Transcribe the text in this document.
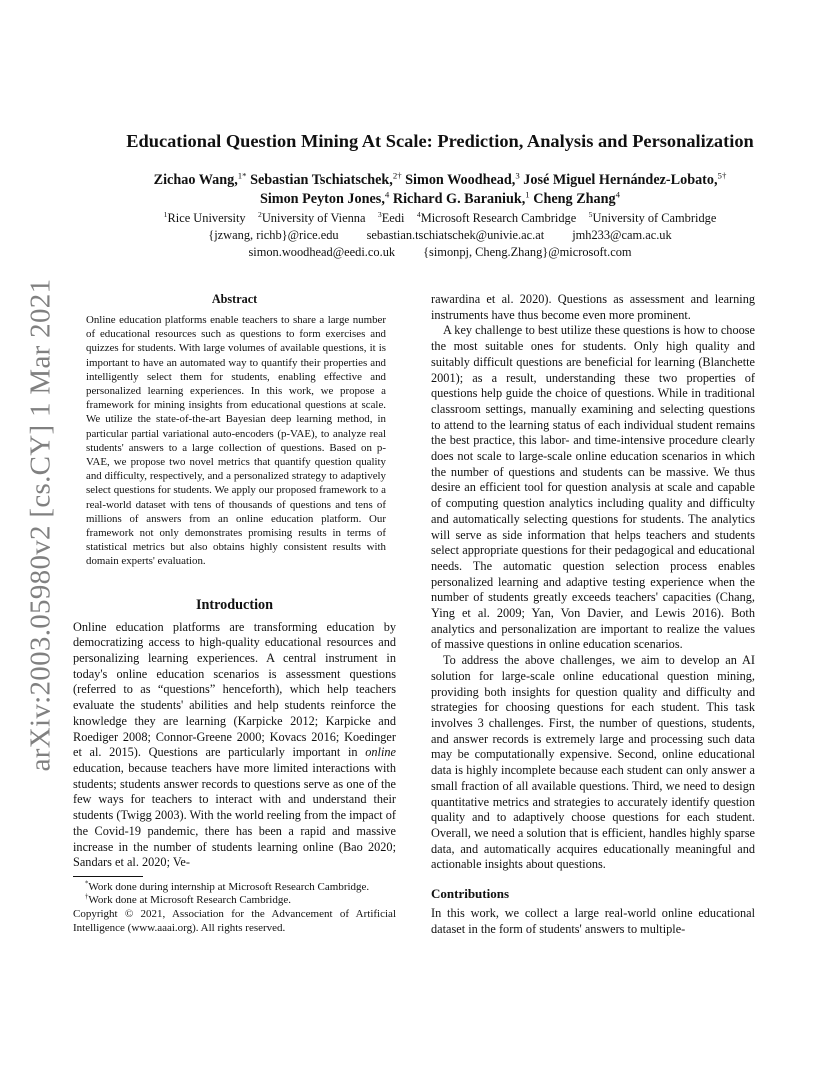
arXiv:2003.05980v2 [cs.CY] 1 Mar 2021
Educational Question Mining At Scale: Prediction, Analysis and Personalization
Zichao Wang,$^{1*}$ Sebastian Tschiatschek,$^{2\dagger}$ Simon Woodhead,$^3$ José Miguel Hernández-Lobato,$^{5\dagger}$
Simon Peyton Jones,$^4$ Richard G. Baraniuk,$^1$ Cheng Zhang$^4$
$^1$Rice University $^2$University of Vienna $^3$Eedi $^4$Microsoft Research Cambridge $^5$University of Cambridge
{jzwang, richb}@rice.edu sebastian.tschiatschek@univie.ac.at jmh233@cam.ac.uk
simon.woodhead@eedi.co.uk {simonpj, Cheng.Zhang}@microsoft.com
Abstract

Online education platforms enable teachers to share a large number of educational resources such as questions to form exercises and quizzes for students. With large volumes of available questions, it is important to have an automated way to quantify their properties and intelligently select them for students, enabling effective and personalized learning experiences. In this work, we propose a framework for mining insights from educational questions at scale. We utilize the state-of-the-art Bayesian deep learning method, in particular partial variational auto-encoders (p-VAE), to analyze real students' answers to a large collection of questions. Based on p-VAE, we propose two novel metrics that quantify question quality and difficulty, respectively, and a personalized strategy to adaptively select questions for students. We apply our proposed framework to a real-world dataset with tens of thousands of questions and tens of millions of answers from an online education platform. Our framework not only demonstrates promising results in terms of statistical metrics but also obtains highly consistent results with domain experts' evaluation.

Introduction

Online education platforms are transforming education by democratizing access to high-quality educational resources and personalizing learning experiences. A central instrument in today's online education scenarios is assessment questions (referred to as “questions” henceforth), which help teachers evaluate the students' abilities and help students reinforce the knowledge they are learning (Karpicke 2012; Karpicke and Roediger 2008; Connor-Greene 2000; Kovacs 2016; Koedinger et al. 2015). Questions are particularly important in online education, because teachers have more limited interactions with students; students answer records to questions serve as one of the few ways for teachers to interact with and understand their students (Twigg 2003). With the world reeling from the impact of the Covid-19 pandemic, there has been a rapid and massive increase in the number of students learning online (Bao 2020; Sandars et al. 2020; Ve-

*Work done during internship at Microsoft Research Cambridge.

†Work done at Microsoft Research Cambridge.

Copyright © 2021, Association for the Advancement of Artificial Intelligence (www.aaai.org). All rights reserved.

rawardina et al. 2020). Questions as assessment and learning instruments have thus become even more prominent.

A key challenge to best utilize these questions is how to choose the most suitable ones for students. Only high quality and suitably difficult questions are beneficial for learning (Blanchette 2001); as a result, understanding these two properties of questions help guide the choice of questions. While in traditional classroom settings, manually examining and selecting questions to attend to the learning status of each individual student remains the best practice, this labor- and time-intensive procedure clearly does not scale to large-scale online education scenarios in which the number of questions and students can be massive. We thus desire an efficient tool for question analysis at scale and capable of computing question analytics including quality and difficulty and automatically selecting questions for students. The analytics will serve as side information that helps teachers and students select appropriate questions for their pedagogical and educational needs. The automatic question selection process enables personalized learning and adaptive testing experience when the number of students greatly exceeds teachers' capacities (Chang, Ying et al. 2009; Yan, Von Davier, and Lewis 2016). Both analytics and personalization are important to realize the values of massive questions in online education scenarios.

To address the above challenges, we aim to develop an AI solution for large-scale online educational question mining, providing both insights for question quality and difficulty and strategies for choosing questions for each student. This task involves 3 challenges. First, the number of questions, students, and answer records is extremely large and processing such data may be computationally expensive. Second, online educational data is highly incomplete because each student can only answer a small fraction of all available questions. Third, we need to design quantitative metrics and strategies to accurately identify question quality and to adaptively choose questions for each student. Overall, we need a solution that is efficient, handles highly sparse data, and automatically acquires educationally meaningful and actionable insights about questions.

Contributions

In this work, we collect a large real-world online educational dataset in the form of students' answers to multiple-
